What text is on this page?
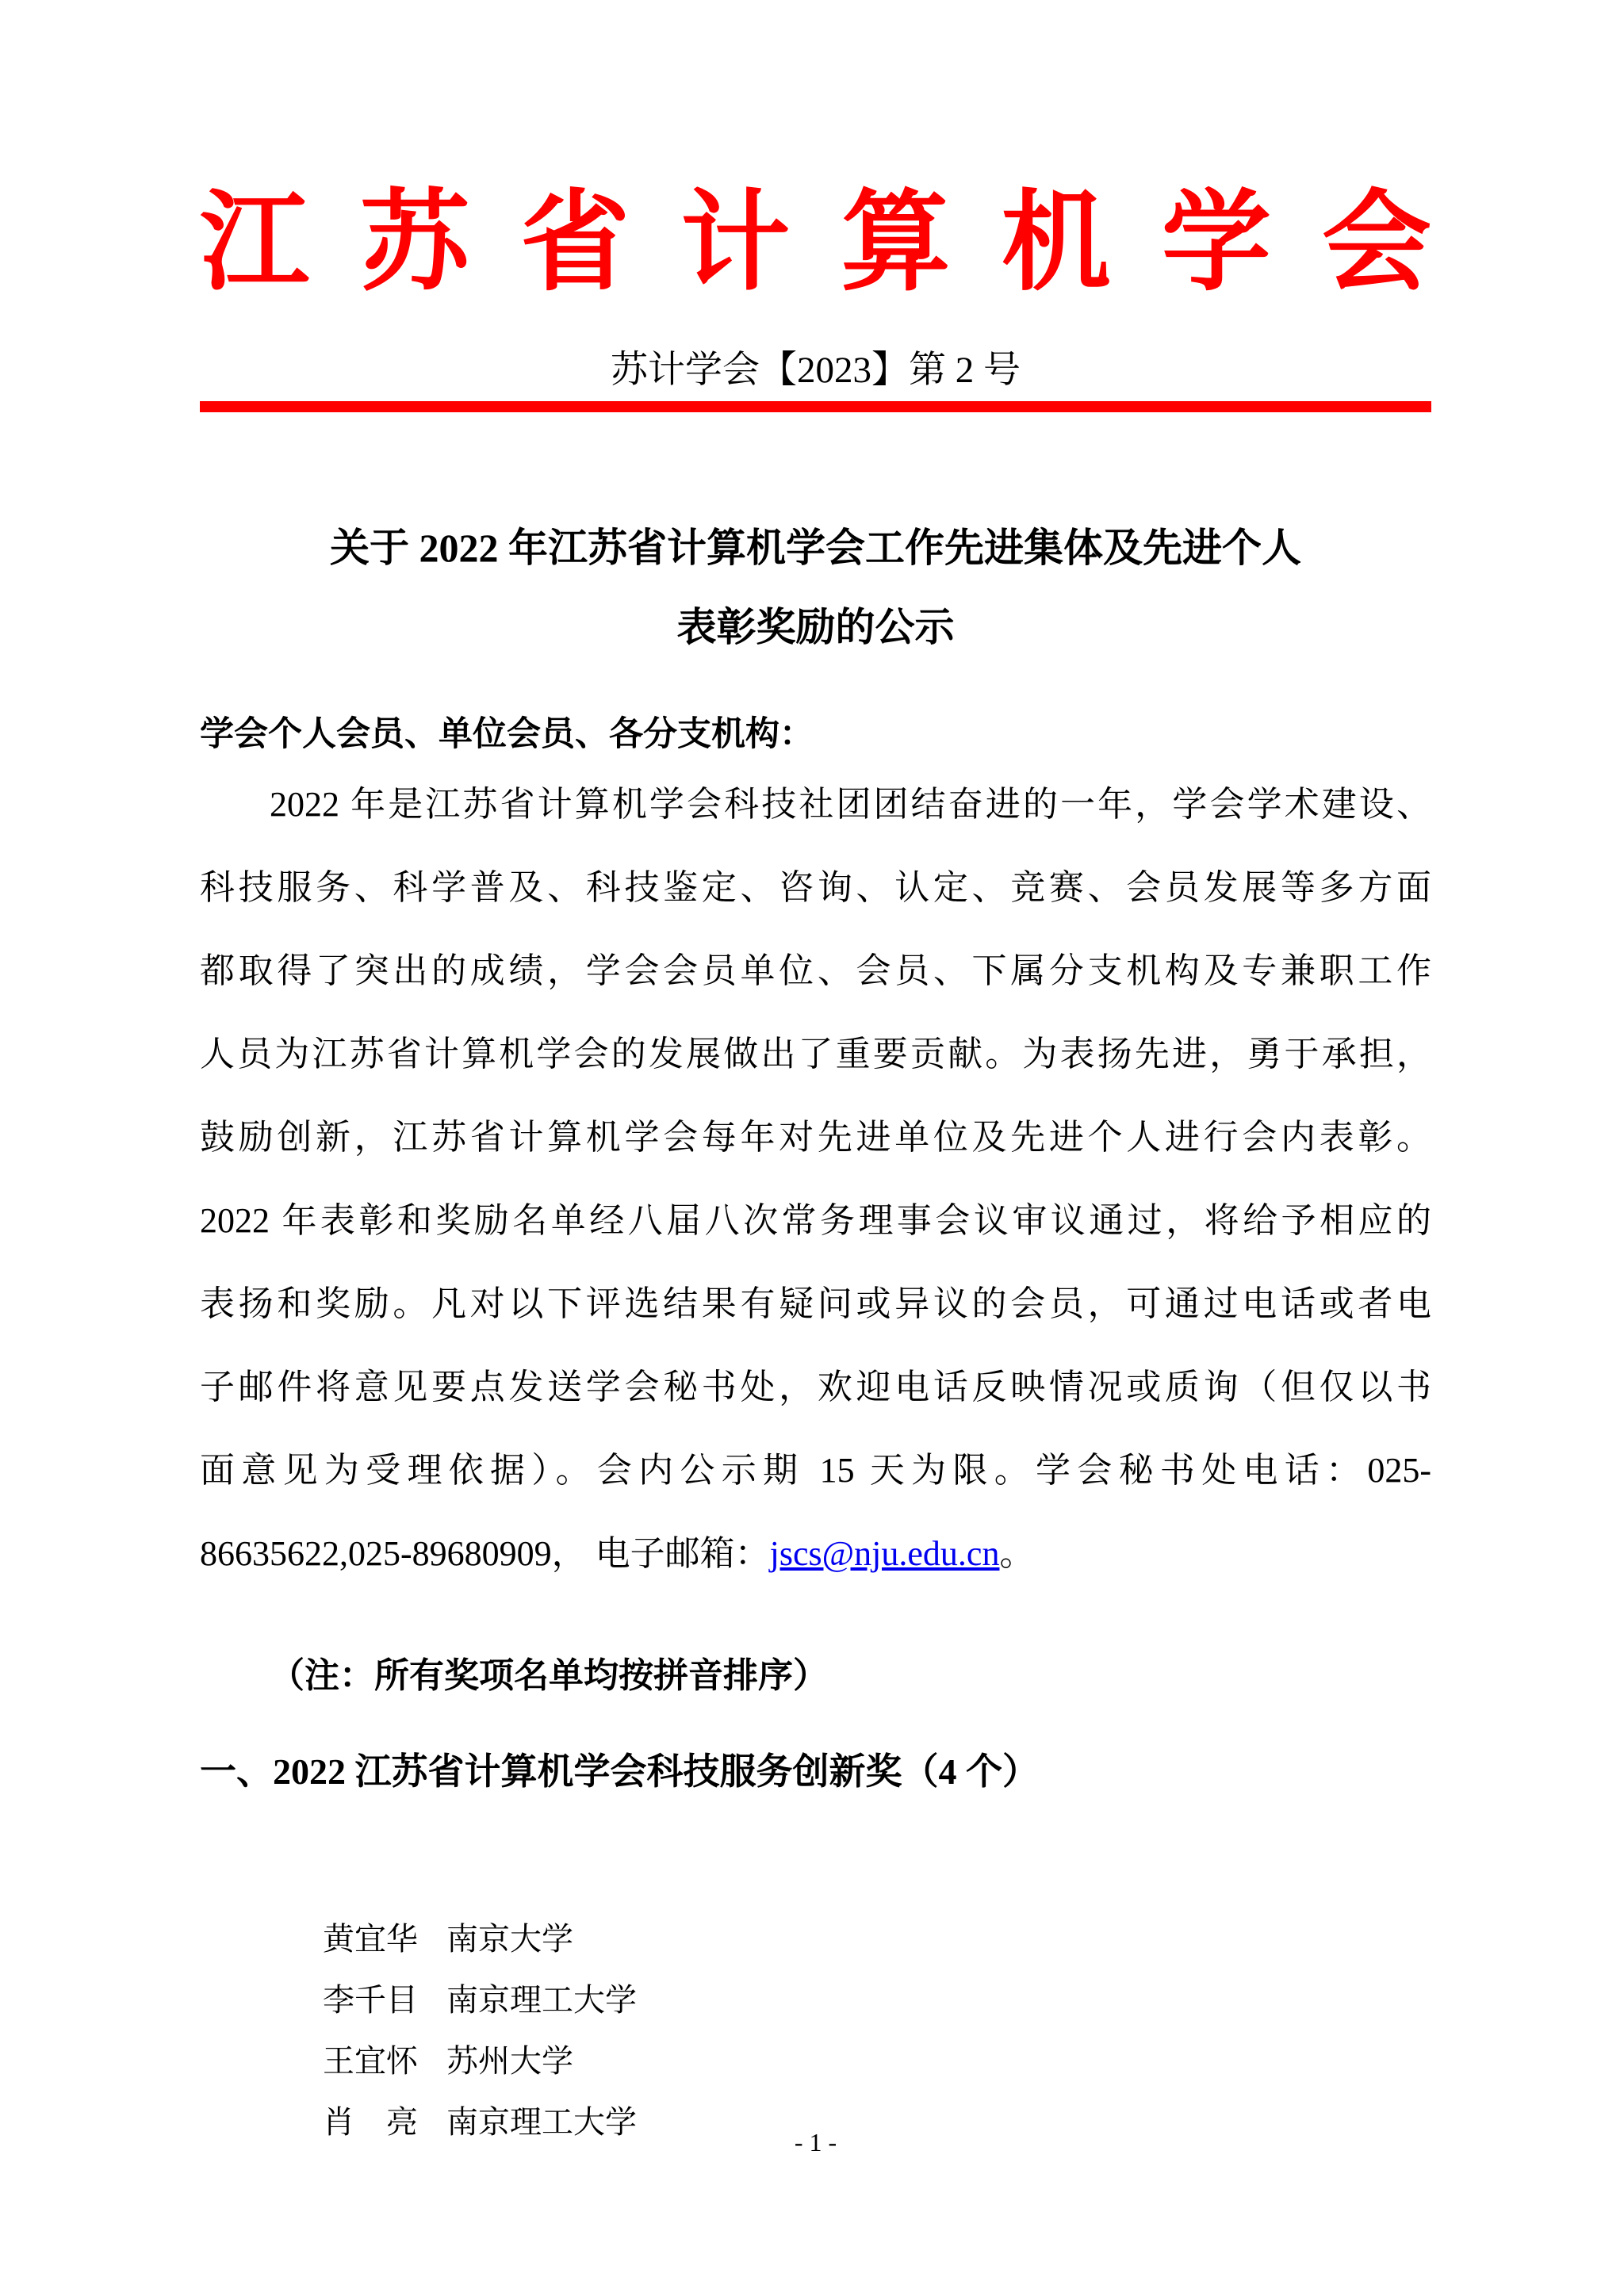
江 苏 省 计 算 机 学 会
苏计学会【2023】第 2 号
关于 2022 年江苏省计算机学会工作先进集体及先进个人
表彰奖励的公示
学会个人会员、单位会员、各分支机构：
2022 年是江苏省计算机学会科技社团团结奋进的一年，学会学术建设、
科技服务、科学普及、科技鉴定、咨询、认定、竞赛、会员发展等多方面
都取得了突出的成绩，学会会员单位、会员、下属分支机构及专兼职工作
人员为江苏省计算机学会的发展做出了重要贡献。为表扬先进，勇于承担，
鼓励创新，江苏省计算机学会每年对先进单位及先进个人进行会内表彰。
2022 年表彰和奖励名单经八届八次常务理事会议审议通过，将给予相应的
表扬和奖励。凡对以下评选结果有疑问或异议的会员，可通过电话或者电
子邮件将意见要点发送学会秘书处，欢迎电话反映情况或质询（但仅以书
面意见为受理依据）。会内公示期 15 天为限。学会秘书处电话：025-
86635622,025-89680909， 电子邮箱：jscs@nju.edu.cn。
（注：所有奖项名单均按拼音排序）
一、2022 江苏省计算机学会科技服务创新奖（4 个）

黄宜华 南京大学

李千目 南京理工大学

王宜怀 苏州大学

肖　亮 南京理工大学

- 1 -
